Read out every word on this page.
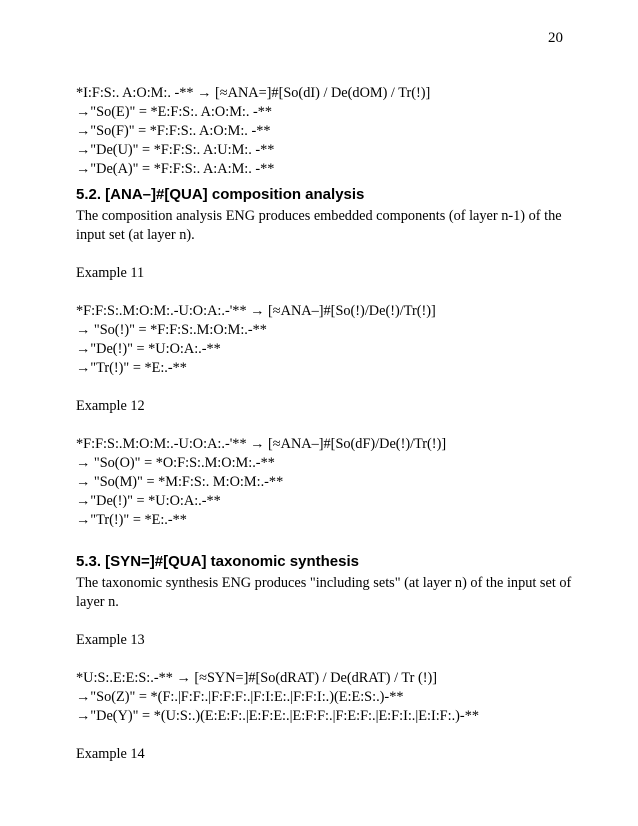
20
*I:F:S:. A:O:M:. -** → [≈ANA=]#[So(dI) / De(dOM) / Tr(!)]
→"So(E)" = *E:F:S:. A:O:M:. -**
→"So(F)" = *F:F:S:. A:O:M:. -**
→"De(U)" = *F:F:S:. A:U:M:. -**
→"De(A)" = *F:F:S:. A:A:M:. -**
5.2. [ANA–]#[QUA] composition analysis
The composition analysis ENG produces embedded components (of layer n-1) of the input set (at layer n).
Example 11
*F:F:S:.M:O:M:.-U:O:A:.-'** → [≈ANA–]#[So(!)/De(!)/Tr(!)]
→ "So(!)" = *F:F:S:.M:O:M:.-**
→"De(!)" = *U:O:A:.-**
→"Tr(!)" = *E:.-**
Example 12
*F:F:S:.M:O:M:.-U:O:A:.-'** → [≈ANA–]#[So(dF)/De(!)/Tr(!)]
→ "So(O)" = *O:F:S:.M:O:M:.-**
→ "So(M)" = *M:F:S:. M:O:M:.-**
→"De(!)" = *U:O:A:.-**
→"Tr(!)" = *E:.-**
5.3. [SYN=]#[QUA] taxonomic synthesis
The taxonomic synthesis ENG produces "including sets" (at layer n) of the input set of layer n.
Example 13
*U:S:.E:E:S:.-** → [≈SYN=]#[So(dRAT) / De(dRAT) / Tr (!)]
→"So(Z)" = *(F:.|F:F:.|F:F:F:.|F:I:E:.|F:F:I:.)(E:E:S:.)-**
→"De(Y)" = *(U:S:.)(E:E:F:.|E:F:E:.|E:F:F:.|F:E:F:.|E:F:I:.|E:I:F:.)-**
Example 14
